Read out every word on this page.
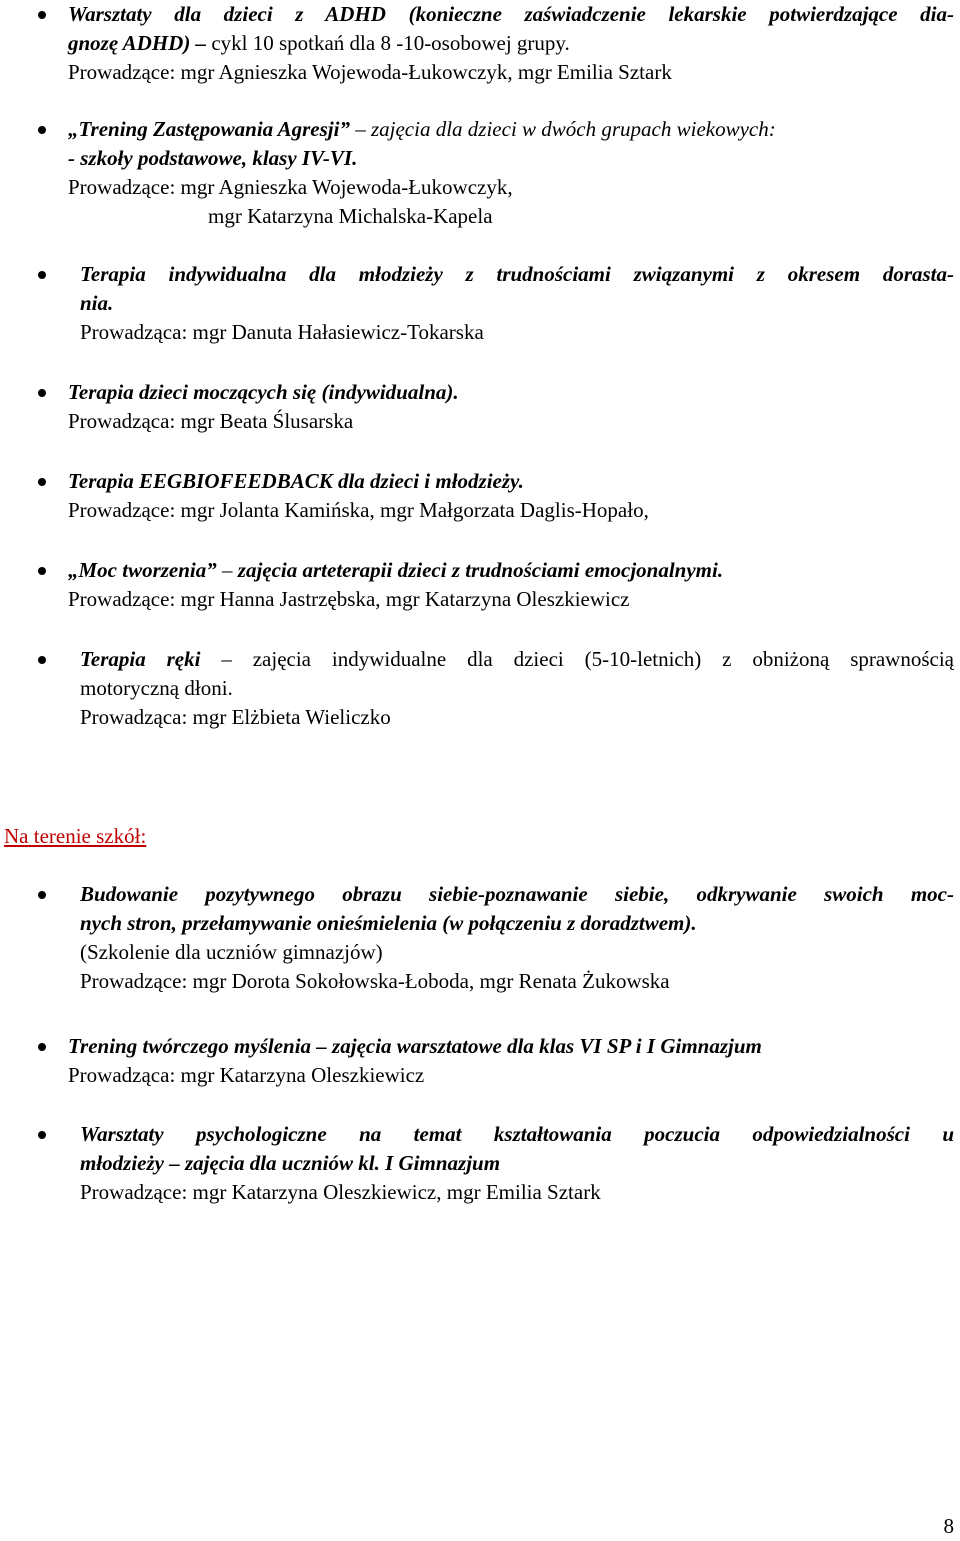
Warsztaty dla dzieci z ADHD (konieczne zaświadczenie lekarskie potwierdzające dia-
gnozę ADHD) – cykl 10 spotkań dla 8 -10-osobowej grupy.
Prowadzące: mgr Agnieszka Wojewoda-Łukowczyk, mgr Emilia Sztark
„Trening Zastępowania Agresji” – zajęcia dla dzieci w dwóch grupach wiekowych:
- szkoły podstawowe, klasy IV-VI.
Prowadzące: mgr Agnieszka Wojewoda-Łukowczyk,
mgr Katarzyna Michalska-Kapela
Terapia indywidualna dla młodzieży z trudnościami związanymi z okresem dorasta-
nia.
Prowadząca: mgr Danuta Hałasiewicz-Tokarska
Terapia dzieci moczących się (indywidualna).
Prowadząca: mgr Beata Ślusarska
Terapia EEGBIOFEEDBACK dla dzieci i młodzieży.
Prowadzące: mgr Jolanta Kamińska, mgr Małgorzata Daglis-Hopało,
„Moc tworzenia” – zajęcia arteterapii dzieci z trudnościami emocjonalnymi.
Prowadzące: mgr Hanna Jastrzębska, mgr Katarzyna Oleszkiewicz
Terapia ręki – zajęcia indywidualne dla dzieci (5-10-letnich) z obniżoną sprawnością
motoryczną dłoni.
Prowadząca: mgr Elżbieta Wieliczko
Na terenie szkół:
Budowanie pozytywnego obrazu siebie-poznawanie siebie, odkrywanie swoich moc-
nych stron, przełamywanie onieśmielenia (w połączeniu z doradztwem).
(Szkolenie dla uczniów gimnazjów)
Prowadzące: mgr Dorota Sokołowska-Łoboda, mgr Renata Żukowska
Trening twórczego myślenia – zajęcia warsztatowe dla klas VI SP i I Gimnazjum
Prowadząca: mgr Katarzyna Oleszkiewicz
Warsztaty psychologiczne na temat kształtowania poczucia odpowiedzialności u
młodzieży – zajęcia dla uczniów kl. I Gimnazjum
Prowadzące: mgr Katarzyna Oleszkiewicz, mgr Emilia Sztark
8
